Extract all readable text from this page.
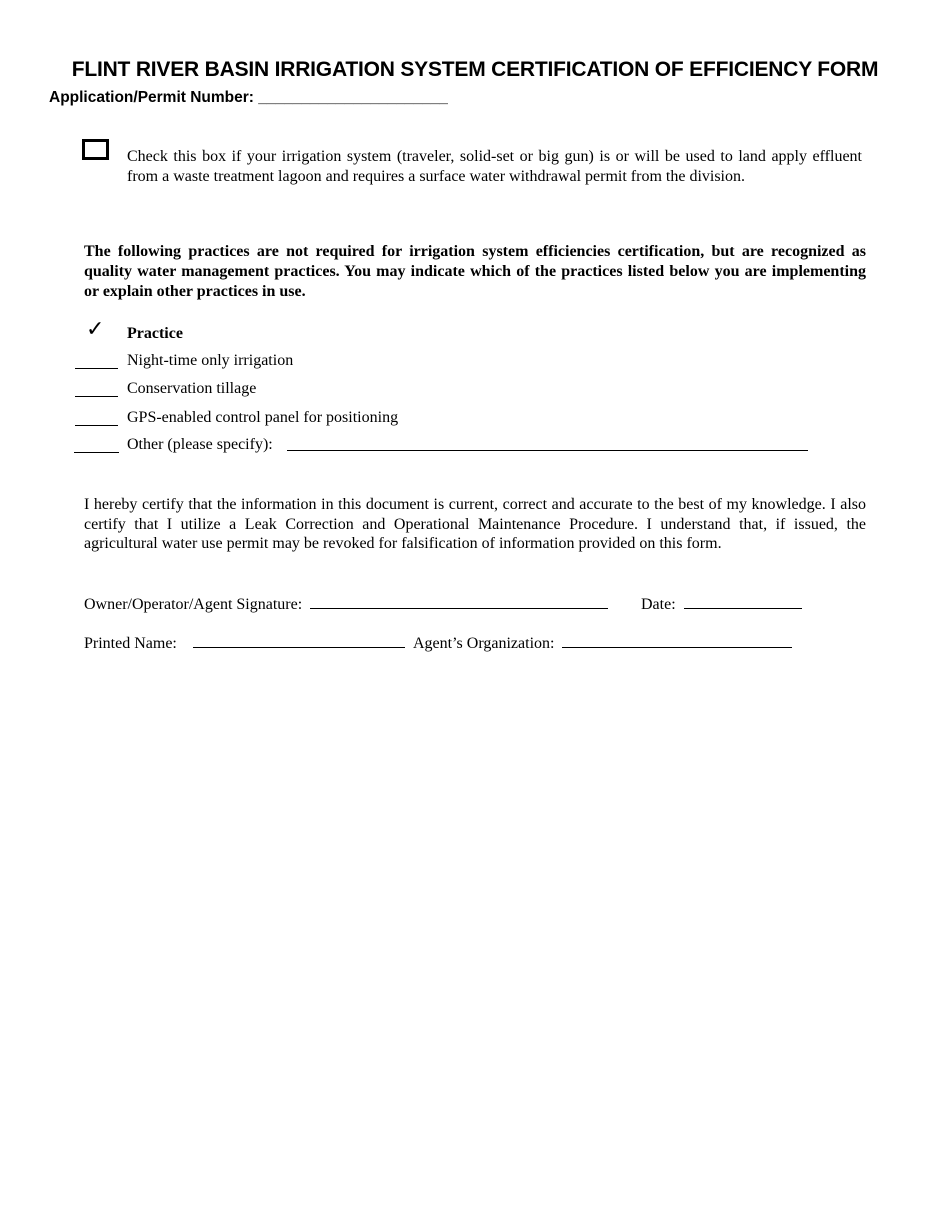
FLINT RIVER BASIN IRRIGATION SYSTEM CERTIFICATION OF EFFICIENCY FORM
Application/Permit Number: ______________________
Check this box if your irrigation system (traveler, solid-set or big gun) is or will be used to land apply effluent from a waste treatment lagoon and requires a surface water withdrawal permit from the division.
The following practices are not required for irrigation system efficiencies certification, but are recognized as quality water management practices. You may indicate which of the practices listed below you are implementing or explain other practices in use.
✓ Practice
Night-time only irrigation
Conservation tillage
GPS-enabled control panel for positioning
Other (please specify):
I hereby certify that the information in this document is current, correct and accurate to the best of my knowledge. I also certify that I utilize a Leak Correction and Operational Maintenance Procedure. I understand that, if issued, the agricultural water use permit may be revoked for falsification of information provided on this form.
Owner/Operator/Agent Signature:	Date:
Printed Name:	Agent’s Organization:
